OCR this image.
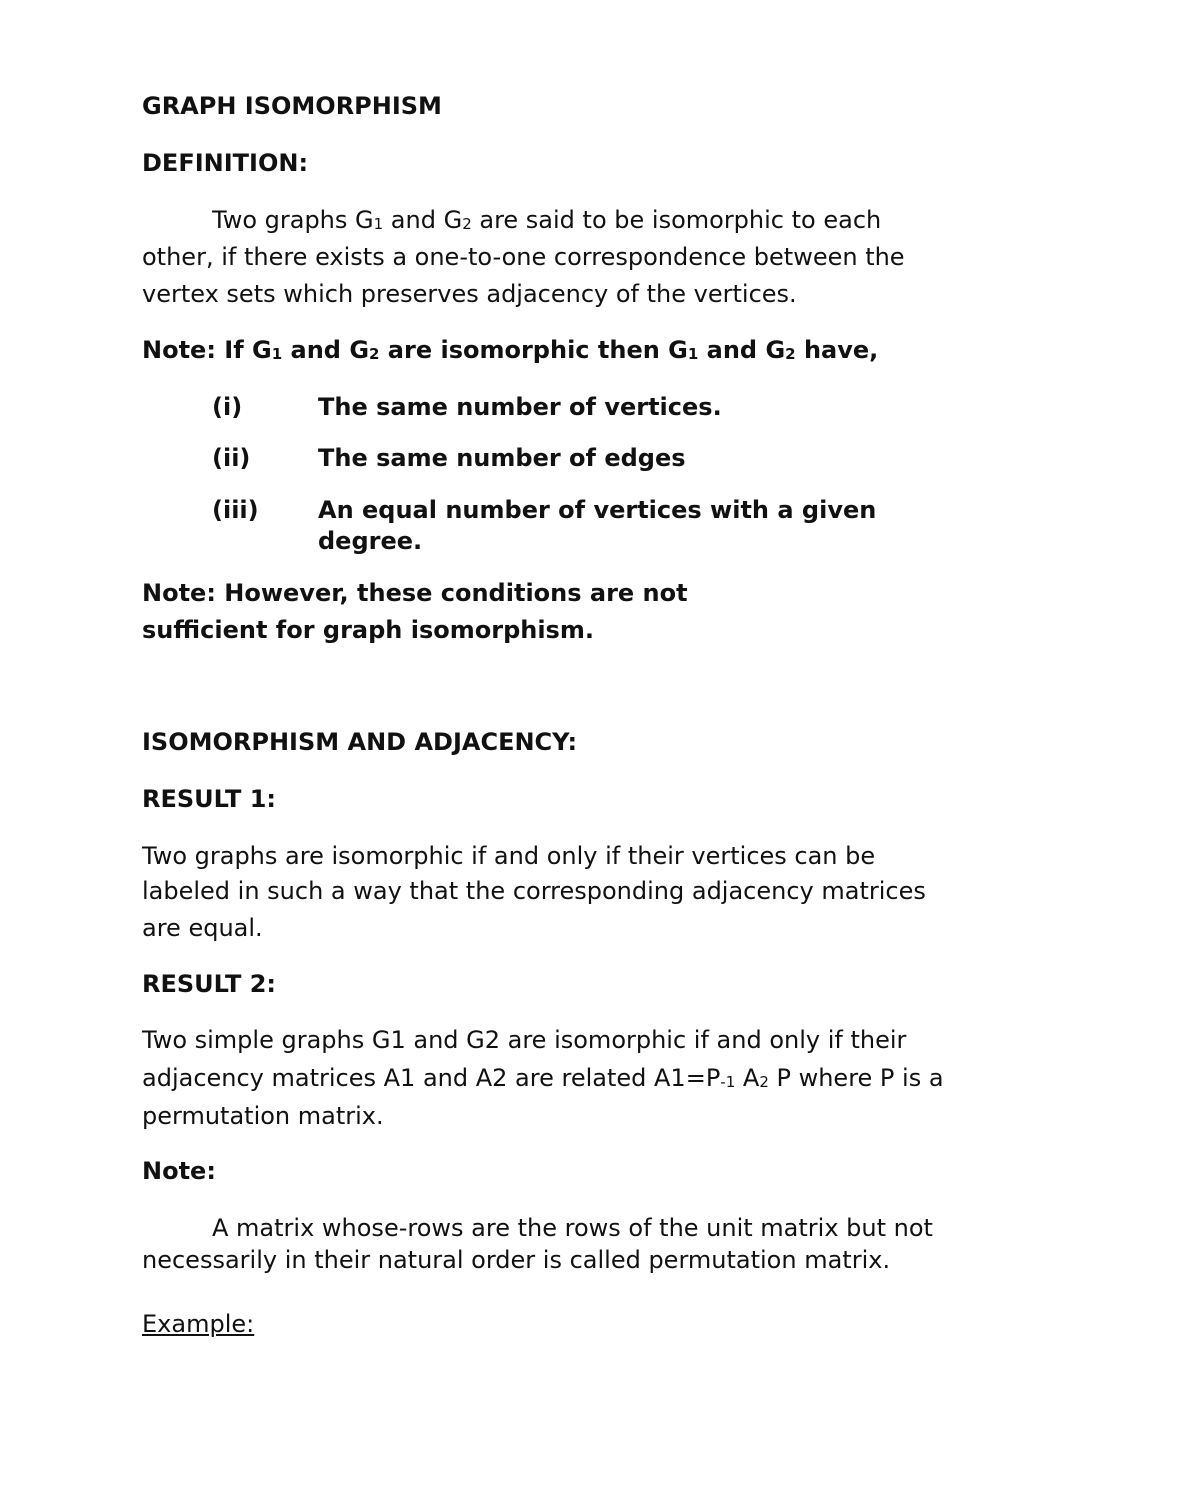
GRAPH ISOMORPHISM

DEFINITION:

Two graphs G1 and G2 are said to be isomorphic to each

other, if there exists a one-to-one correspondence between the

vertex sets which preserves adjacency of the vertices.

Note: If G1 and G2 are isomorphic then G1 and G2 have,

(i)	The same number of vertices.
(ii)	The same number of edges
(iii) An equal number of vertices with a given
degree.

Note: However, these conditions are not

sufficient for graph isomorphism.

ISOMORPHISM AND ADJACENCY:

RESULT 1:

Two graphs are isomorphic if and only if their vertices can be

labeled in such a way that the corresponding adjacency matrices

are equal.

RESULT 2:

Two simple graphs G1 and G2 are isomorphic if and only if their

adjacency matrices A1 and A2 are related A1=P-1 A2 P where P is a

permutation matrix.

Note:

A matrix whose-rows are the rows of the unit matrix but not

necessarily in their natural order is called permutation matrix.

Example:
